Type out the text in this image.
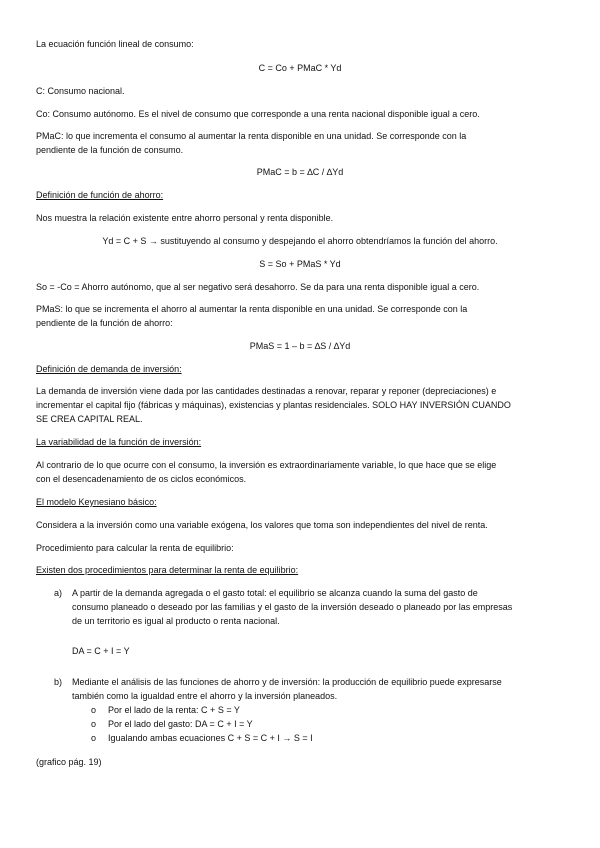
La ecuación función lineal de consumo:
C = Co + PMaC * Yd
C: Consumo nacional.
Co: Consumo autónomo. Es el nivel de consumo que corresponde a una renta nacional disponible igual a cero.
PMaC: lo que incrementa el consumo al aumentar la renta disponible en una unidad. Se corresponde con la
pendiente de la función de consumo.
PMaC = b = ∆C / ∆Yd
Definición de función de ahorro:
Nos muestra la relación existente entre ahorro personal y renta disponible.
Yd = C + S → sustituyendo al consumo y despejando el ahorro obtendríamos la función del ahorro.
S = So + PMaS * Yd
So = -Co = Ahorro autónomo, que al ser negativo será desahorro. Se da para una renta disponible igual a cero.
PMaS: lo que se incrementa el ahorro al aumentar la renta disponible en una unidad. Se corresponde con la
pendiente de la función de ahorro:
PMaS = 1 – b = ∆S / ∆Yd
Definición de demanda de inversión:
La demanda de inversión viene dada por las cantidades destinadas a renovar, reparar y reponer (depreciaciones) e
incrementar el capital fijo (fábricas y máquinas), existencias y plantas residenciales. SOLO HAY INVERSIÓN CUANDO
SE CREA CAPITAL REAL.
La variabilidad de la función de inversión:
Al contrario de lo que ocurre con el consumo, la inversión es extraordinariamente variable, lo que hace que se elige
con el desencadenamiento de os ciclos económicos.
El modelo Keynesiano básico:
Considera a la inversión como una variable exógena, los valores que toma son independientes del nivel de renta.
Procedimiento para calcular la renta de equilibrio:
Existen dos procedimientos para determinar la renta de equilibrio:
a) A partir de la demanda agregada o el gasto total: el equilibrio se alcanza cuando la suma del gasto de
consumo planeado o deseado por las familias y el gasto de la inversión deseado o planeado por las empresas
de un territorio es igual al producto o renta nacional.
DA = C + I = Y
b) Mediante el análisis de las funciones de ahorro y de inversión: la producción de equilibrio puede expresarse
también como la igualdad entre el ahorro y la inversión planeados.
o Por el lado de la renta: C + S = Y
o Por el lado del gasto: DA = C + I = Y
o Igualando ambas ecuaciones C + S = C + I → S = I
(grafico pág. 19)
